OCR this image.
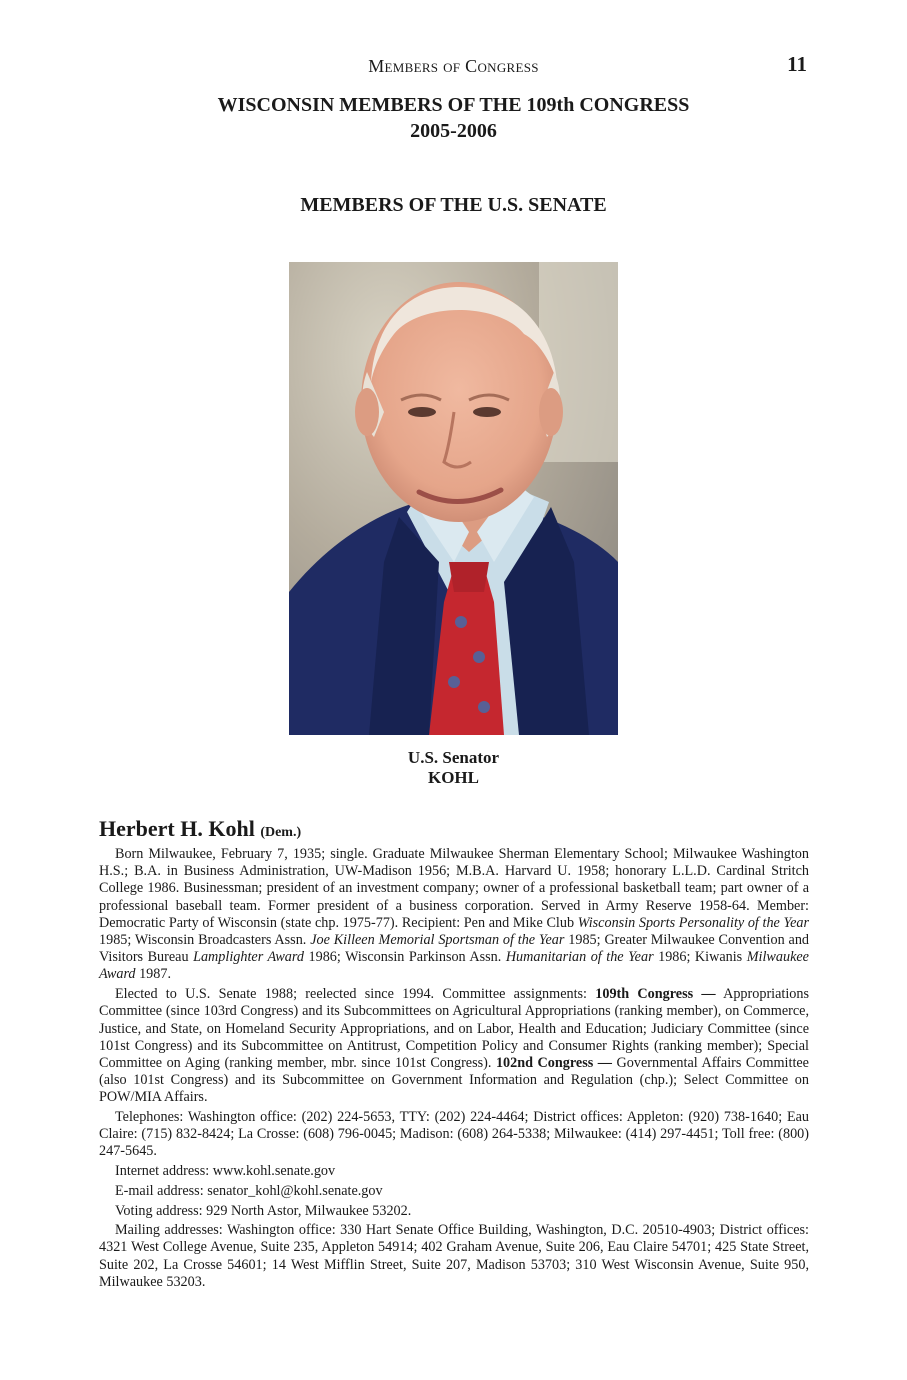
Members of Congress	11
WISCONSIN MEMBERS OF THE 109th CONGRESS
2005-2006
MEMBERS OF THE U.S. SENATE
U.S. Senator
KOHL
Herbert H. Kohl (Dem.)

Born Milwaukee, February 7, 1935; single. Graduate Milwaukee Sherman Elementary School; Milwaukee Washington H.S.; B.A. in Business Administration, UW-Madison 1956; M.B.A. Harvard U. 1958; honorary L.L.D. Cardinal Stritch College 1986. Businessman; president of an investment company; owner of a professional basketball team; part owner of a professional baseball team. Former president of a business corporation. Served in Army Reserve 1958-64. Member: Democratic Party of Wisconsin (state chp. 1975-77). Recipient: Pen and Mike Club Wisconsin Sports Personality of the Year 1985; Wisconsin Broadcasters Assn. Joe Killeen Memorial Sportsman of the Year 1985; Greater Milwaukee Convention and Visitors Bureau Lamplighter Award 1986; Wisconsin Parkinson Assn. Humanitarian of the Year 1986; Kiwanis Milwaukee Award 1987.

Elected to U.S. Senate 1988; reelected since 1994. Committee assignments: 109th Congress — Appropriations Committee (since 103rd Congress) and its Subcommittees on Agricultural Appropriations (ranking member), on Commerce, Justice, and State, on Homeland Security Appropriations, and on Labor, Health and Education; Judiciary Committee (since 101st Congress) and its Subcommittee on Antitrust, Competition Policy and Consumer Rights (ranking member); Special Committee on Aging (ranking member, mbr. since 101st Congress). 102nd Congress — Governmental Affairs Committee (also 101st Congress) and its Subcommittee on Government Information and Regulation (chp.); Select Committee on POW/MIA Affairs.

Telephones: Washington office: (202) 224-5653, TTY: (202) 224-4464; District offices: Appleton: (920) 738-1640; Eau Claire: (715) 832-8424; La Crosse: (608) 796-0045; Madison: (608) 264-5338; Milwaukee: (414) 297-4451; Toll free: (800) 247-5645.

Internet address: www.kohl.senate.gov

E-mail address: senator_kohl@kohl.senate.gov

Voting address: 929 North Astor, Milwaukee 53202.

Mailing addresses: Washington office: 330 Hart Senate Office Building, Washington, D.C. 20510-4903; District offices: 4321 West College Avenue, Suite 235, Appleton 54914; 402 Graham Avenue, Suite 206, Eau Claire 54701; 425 State Street, Suite 202, La Crosse 54601; 14 West Mifflin Street, Suite 207, Madison 53703; 310 West Wisconsin Avenue, Suite 950, Milwaukee 53203.
